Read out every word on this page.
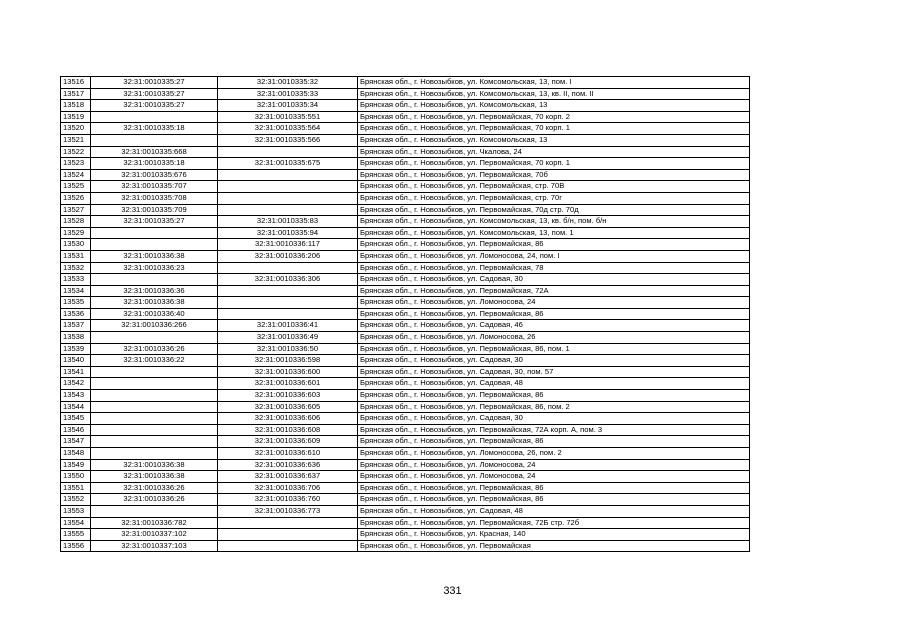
13516	32:31:0010335:27	32:31:0010335:32	Брянская обл., г. Новозыбков, ул. Комсомольская, 13, пом. I
13517	32:31:0010335:27	32:31:0010335:33	Брянская обл., г. Новозыбков, ул. Комсомольская, 13, кв. II, пом. II
13518	32:31:0010335:27	32:31:0010335:34	Брянская обл., г. Новозыбков, ул. Комсомольская, 13
13519		32:31:0010335:551	Брянская обл., г. Новозыбков, ул. Первомайская, 70 корп. 2
13520	32:31:0010335:18	32:31:0010335:564	Брянская обл., г. Новозыбков, ул. Первомайская, 70 корп. 1
13521		32:31:0010335:566	Брянская обл., г. Новозыбков, ул. Комсомольская, 13
13522	32:31:0010335:668		Брянская обл., г. Новозыбков, ул. Чкалова, 24
13523	32:31:0010335:18	32:31:0010335:675	Брянская обл., г. Новозыбков, ул. Первомайская, 70 корп. 1
13524	32:31:0010335:676		Брянская обл., г. Новозыбков, ул. Первомайская, 70б
13525	32:31:0010335:707		Брянская обл., г. Новозыбков, ул. Первомайская, стр. 70В
13526	32:31:0010335:708		Брянская обл., г. Новозыбков, ул. Первомайская, стр. 70г
13527	32:31:0010335:709		Брянская обл., г. Новозыбков, ул. Первомайская, 70д стр. 70д
13528	32:31:0010335:27	32:31:0010335:83	Брянская обл., г. Новозыбков, ул. Комсомольская, 13, кв. б/н, пом. б/н
13529		32:31:0010335:94	Брянская обл., г. Новозыбков, ул. Комсомольская, 13, пом. 1
13530		32:31:0010336:117	Брянская обл., г. Новозыбков, ул. Первомайская, 86
13531	32:31:0010336:38	32:31:0010336:206	Брянская обл., г. Новозыбков, ул. Ломоносова, 24, пом. I
13532	32:31:0010336:23		Брянская обл., г. Новозыбков, ул. Первомайская, 78
13533		32:31:0010336:306	Брянская обл., г. Новозыбков, ул. Садовая, 30
13534	32:31:0010336:36		Брянская обл., г. Новозыбков, ул. Первомайская, 72А
13535	32:31:0010336:38		Брянская обл., г. Новозыбков, ул. Ломоносова, 24
13536	32:31:0010336:40		Брянская обл., г. Новозыбков, ул. Первомайская, 86
13537	32:31:0010336:266	32:31:0010336:41	Брянская обл., г. Новозыбков, ул. Садовая, 46
13538		32:31:0010336:49	Брянская обл., г. Новозыбков, ул. Ломоносова, 26
13539	32:31:0010336:26	32:31:0010336:50	Брянская обл., г. Новозыбков, ул. Первомайская, 86, пом. 1
13540	32:31:0010336:22	32:31:0010336:598	Брянская обл., г. Новозыбков, ул. Садовая, 30
13541		32:31:0010336:600	Брянская обл., г. Новозыбков, ул. Садовая, 30, пом. 57
13542		32:31:0010336:601	Брянская обл., г. Новозыбков, ул. Садовая, 48
13543		32:31:0010336:603	Брянская обл., г. Новозыбков, ул. Первомайская, 86
13544		32:31:0010336:605	Брянская обл., г. Новозыбков, ул. Первомайская, 86, пом. 2
13545		32:31:0010336:606	Брянская обл., г. Новозыбков, ул. Садовая, 30
13546		32:31:0010336:608	Брянская обл., г. Новозыбков, ул. Первомайская, 72А корп. А, пом. 3
13547		32:31:0010336:609	Брянская обл., г. Новозыбков, ул. Первомайская, 86
13548		32:31:0010336:610	Брянская обл., г. Новозыбков, ул. Ломоносова, 26, пом. 2
13549	32:31:0010336:38	32:31:0010336:636	Брянская обл., г. Новозыбков, ул. Ломоносова, 24
13550	32:31:0010336:38	32:31:0010336:637	Брянская обл., г. Новозыбков, ул. Ломоносова, 24
13551	32:31:0010336:26	32:31:0010336:706	Брянская обл., г. Новозыбков, ул. Первомайская, 86
13552	32:31:0010336:26	32:31:0010336:760	Брянская обл., г. Новозыбков, ул. Первомайская, 86
13553		32:31:0010336:773	Брянская обл., г. Новозыбков, ул. Садовая, 48
13554	32:31:0010336:782		Брянская обл., г. Новозыбков, ул. Первомайская, 72Б стр. 72б
13555	32:31:0010337:102		Брянская обл., г. Новозыбков, ул. Красная, 140
13556	32:31:0010337:103		Брянская обл., г. Новозыбков, ул. Первомайская
331
